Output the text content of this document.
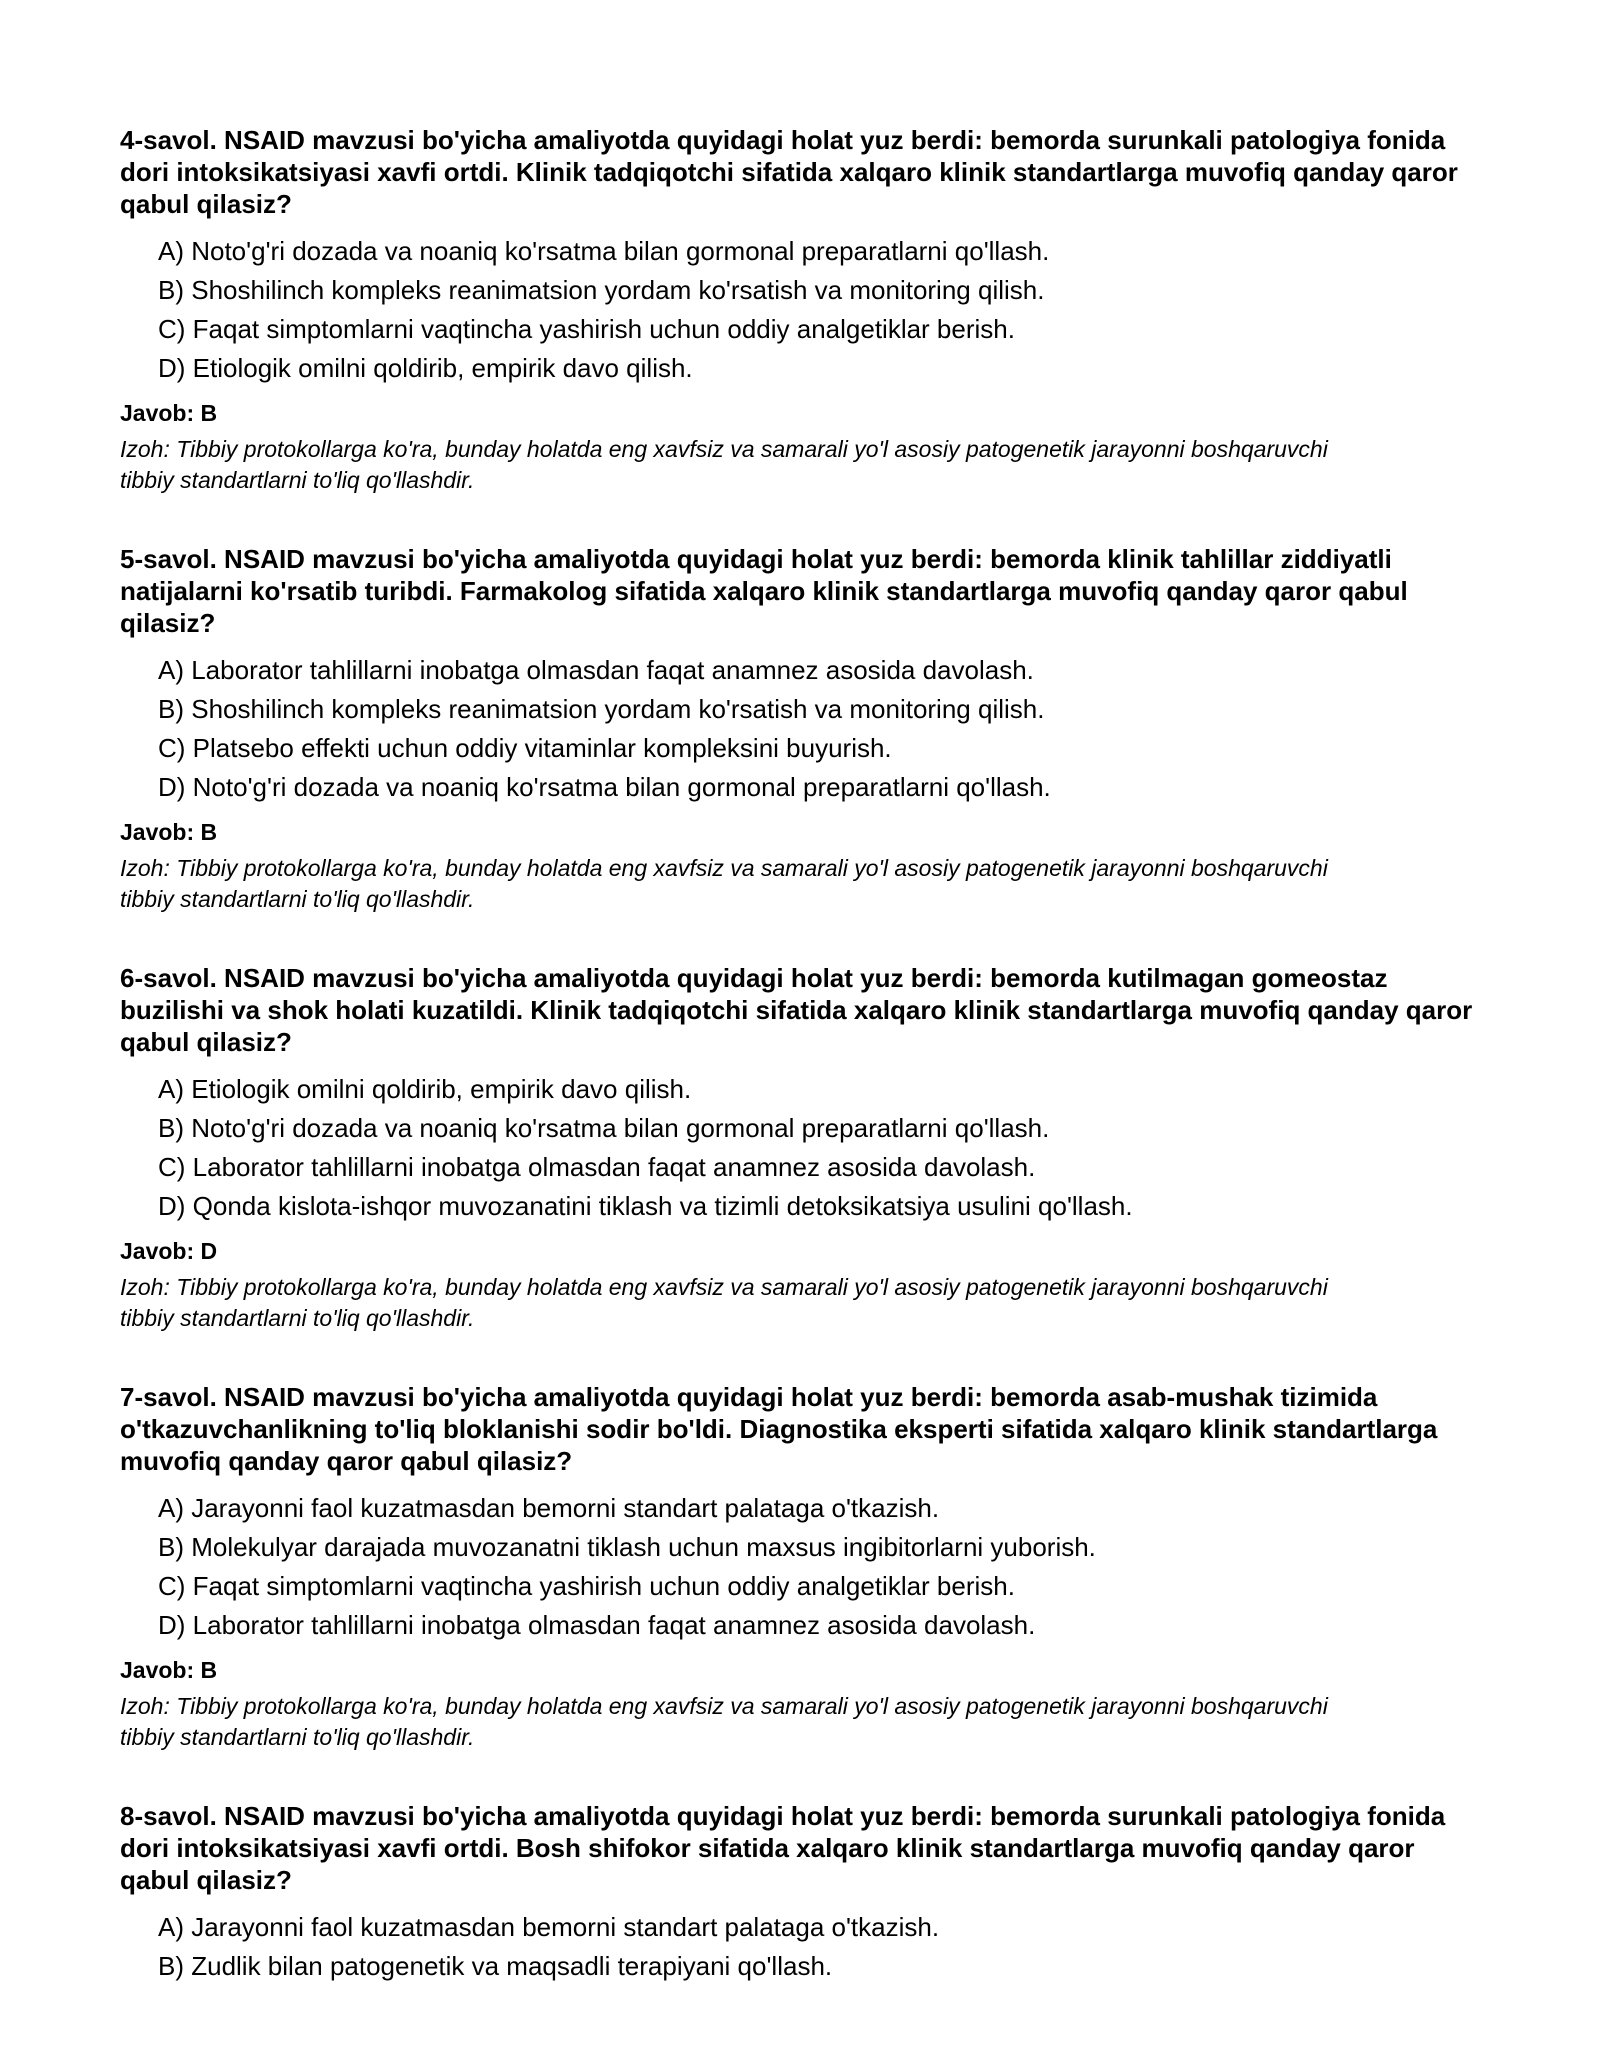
4-savol. NSAID mavzusi bo'yicha amaliyotda quyidagi holat yuz berdi: bemorda surunkali patologiya fonida dori intoksikatsiyasi xavfi ortdi. Klinik tadqiqotchi sifatida xalqaro klinik standartlarga muvofiq qanday qaror qabul qilasiz?
A) Noto'g'ri dozada va noaniq ko'rsatma bilan gormonal preparatlarni qo'llash.
B) Shoshilinch kompleks reanimatsion yordam ko'rsatish va monitoring qilish.
C) Faqat simptomlarni vaqtincha yashirish uchun oddiy analgetiklar berish.
D) Etiologik omilni qoldirib, empirik davo qilish.
Javob: B
Izoh: Tibbiy protokollarga ko'ra, bunday holatda eng xavfsiz va samarali yo'l asosiy patogenetik jarayonni boshqaruvchi tibbiy standartlarni to'liq qo'llashdir.
5-savol. NSAID mavzusi bo'yicha amaliyotda quyidagi holat yuz berdi: bemorda klinik tahlillar ziddiyatli natijalarni ko'rsatib turibdi. Farmakolog sifatida xalqaro klinik standartlarga muvofiq qanday qaror qabul qilasiz?
A) Laborator tahlillarni inobatga olmasdan faqat anamnez asosida davolash.
B) Shoshilinch kompleks reanimatsion yordam ko'rsatish va monitoring qilish.
C) Platsebo effekti uchun oddiy vitaminlar kompleksini buyurish.
D) Noto'g'ri dozada va noaniq ko'rsatma bilan gormonal preparatlarni qo'llash.
Javob: B
Izoh: Tibbiy protokollarga ko'ra, bunday holatda eng xavfsiz va samarali yo'l asosiy patogenetik jarayonni boshqaruvchi tibbiy standartlarni to'liq qo'llashdir.
6-savol. NSAID mavzusi bo'yicha amaliyotda quyidagi holat yuz berdi: bemorda kutilmagan gomeostaz buzilishi va shok holati kuzatildi. Klinik tadqiqotchi sifatida xalqaro klinik standartlarga muvofiq qanday qaror qabul qilasiz?
A) Etiologik omilni qoldirib, empirik davo qilish.
B) Noto'g'ri dozada va noaniq ko'rsatma bilan gormonal preparatlarni qo'llash.
C) Laborator tahlillarni inobatga olmasdan faqat anamnez asosida davolash.
D) Qonda kislota-ishqor muvozanatini tiklash va tizimli detoksikatsiya usulini qo'llash.
Javob: D
Izoh: Tibbiy protokollarga ko'ra, bunday holatda eng xavfsiz va samarali yo'l asosiy patogenetik jarayonni boshqaruvchi tibbiy standartlarni to'liq qo'llashdir.
7-savol. NSAID mavzusi bo'yicha amaliyotda quyidagi holat yuz berdi: bemorda asab-mushak tizimida o'tkazuvchanlikning to'liq bloklanishi sodir bo'ldi. Diagnostika eksperti sifatida xalqaro klinik standartlarga muvofiq qanday qaror qabul qilasiz?
A) Jarayonni faol kuzatmasdan bemorni standart palataga o'tkazish.
B) Molekulyar darajada muvozanatni tiklash uchun maxsus ingibitorlarni yuborish.
C) Faqat simptomlarni vaqtincha yashirish uchun oddiy analgetiklar berish.
D) Laborator tahlillarni inobatga olmasdan faqat anamnez asosida davolash.
Javob: B
Izoh: Tibbiy protokollarga ko'ra, bunday holatda eng xavfsiz va samarali yo'l asosiy patogenetik jarayonni boshqaruvchi tibbiy standartlarni to'liq qo'llashdir.
8-savol. NSAID mavzusi bo'yicha amaliyotda quyidagi holat yuz berdi: bemorda surunkali patologiya fonida dori intoksikatsiyasi xavfi ortdi. Bosh shifokor sifatida xalqaro klinik standartlarga muvofiq qanday qaror qabul qilasiz?
A) Jarayonni faol kuzatmasdan bemorni standart palataga o'tkazish.
B) Zudlik bilan patogenetik va maqsadli terapiyani qo'llash.
